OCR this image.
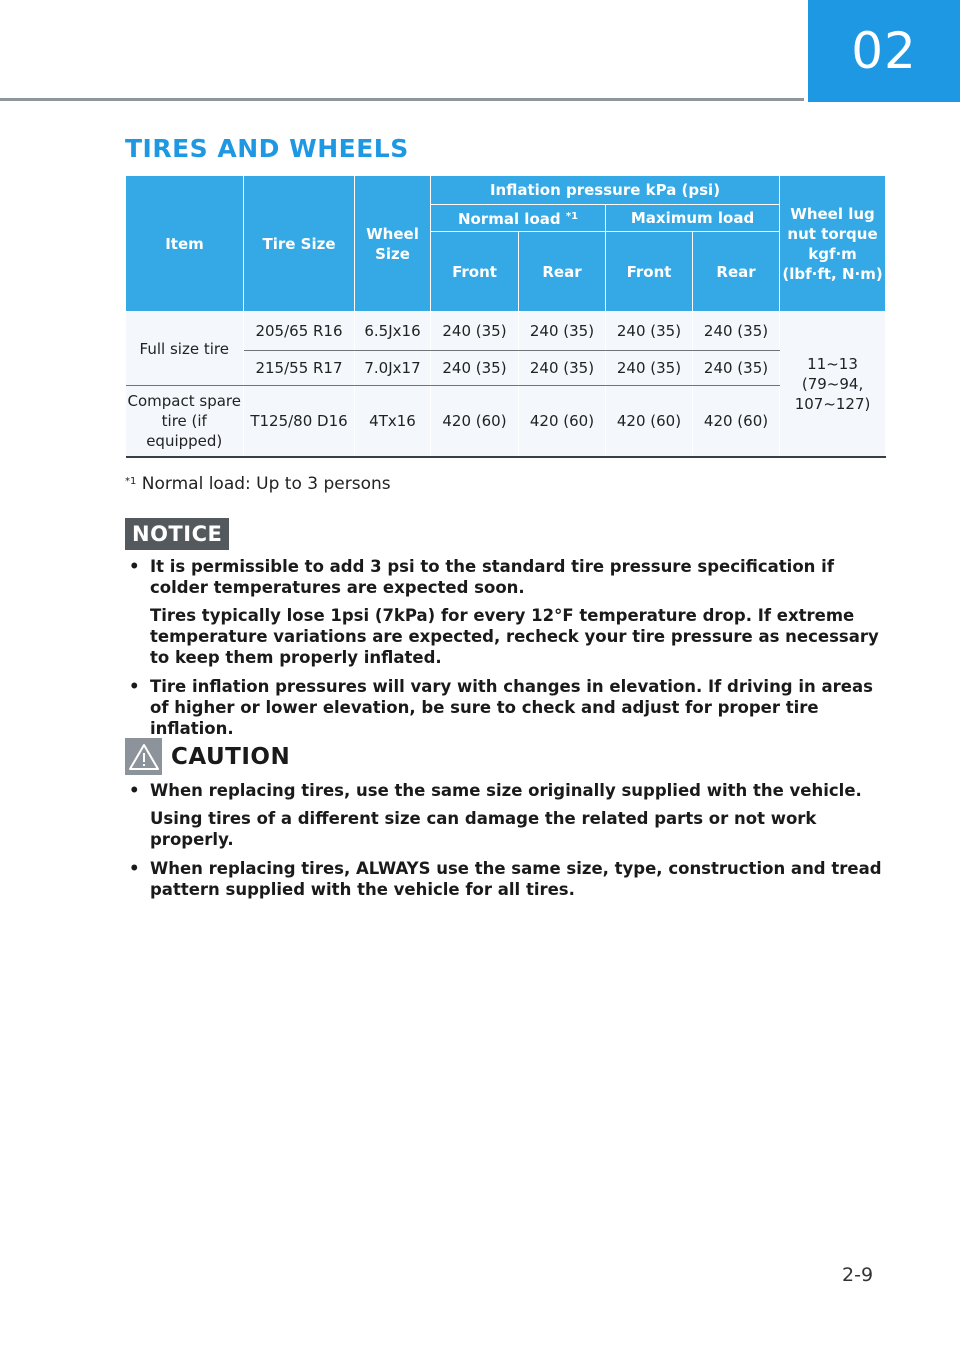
02
TIRES AND WHEELS
Item	Tire Size	Wheel Size	Inflation pressure kPa (psi)				Wheel lug nut torque kgf·m (lbf·ft, N·m)
			Normal load $^{*1}$		Maximum load		
			Front	Rear	Front	Rear	
Full size tire	205/65 R16	6.5Jx16	240 (35)	240 (35)	240 (35)	240 (35)	11~13 (79~94, 107~127)
	215/55 R17	7.0Jx17	240 (35)	240 (35)	240 (35)	240 (35)	
Compact spare tire (if equipped)	T125/80 D16	4Tx16	420 (60)	420 (60)	420 (60)	420 (60)	
$^{*1}$ Normal load: Up to 3 persons
NOTICE

• It is permissible to add 3 psi to the standard tire pressure specification if colder temperatures are expected soon.

Tires typically lose 1psi (7kPa) for every 12°F temperature drop. If extreme temperature variations are expected, recheck your tire pressure as necessary to keep them properly inflated.

• Tire inflation pressures will vary with changes in elevation. If driving in areas of higher or lower elevation, be sure to check and adjust for proper tire inflation.

CAUTION

• When replacing tires, use the same size originally supplied with the vehicle.

Using tires of a different size can damage the related parts or not work properly.

• When replacing tires, ALWAYS use the same size, type, construction and tread pattern supplied with the vehicle for all tires.

2-9
